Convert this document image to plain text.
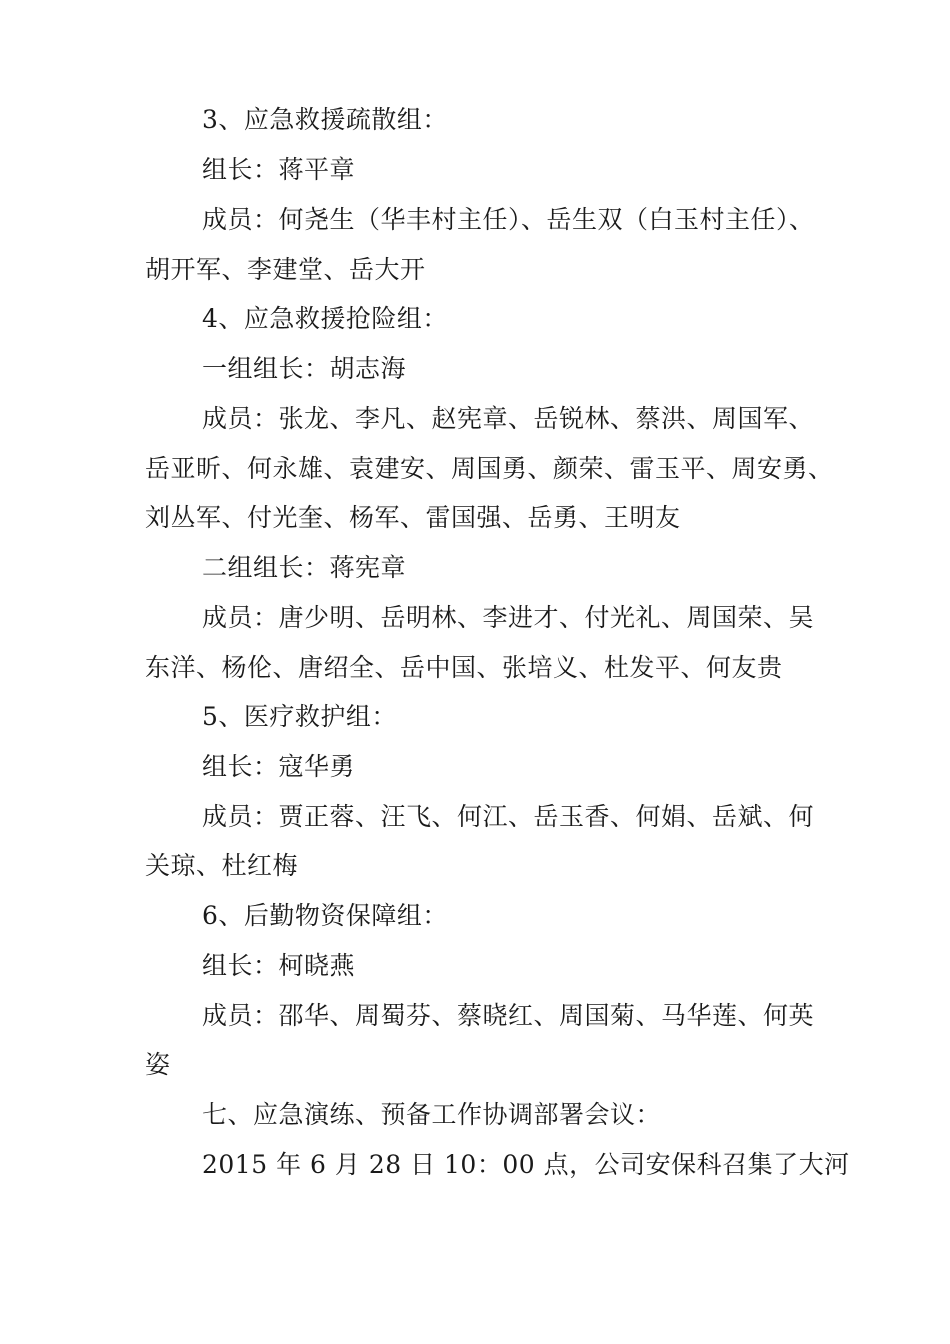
3、应急救援疏散组：
组长：蒋平章
成员：何尧生（华丰村主任）、岳生双（白玉村主任）、
胡开军、李建堂、岳大开
4、应急救援抢险组：
一组组长：胡志海
成员：张龙、李凡、赵宪章、岳锐林、蔡洪、周国军、
岳亚昕、何永雄、袁建安、周国勇、颜荣、雷玉平、周安勇、
刘丛军、付光奎、杨军、雷国强、岳勇、王明友
二组组长：蒋宪章
成员：唐少明、岳明林、李进才、付光礼、周国荣、吴
东洋、杨伦、唐绍全、岳中国、张培义、杜发平、何友贵
5、医疗救护组：
组长：寇华勇
成员：贾正蓉、汪飞、何江、岳玉香、何娟、岳斌、何
关琼、杜红梅
6、后勤物资保障组：
组长：柯晓燕
成员：邵华、周蜀芬、蔡晓红、周国菊、马华莲、何英
姿
七、应急演练、预备工作协调部署会议：
2015 年 6 月 28 日 10：00 点，公司安保科召集了大河
